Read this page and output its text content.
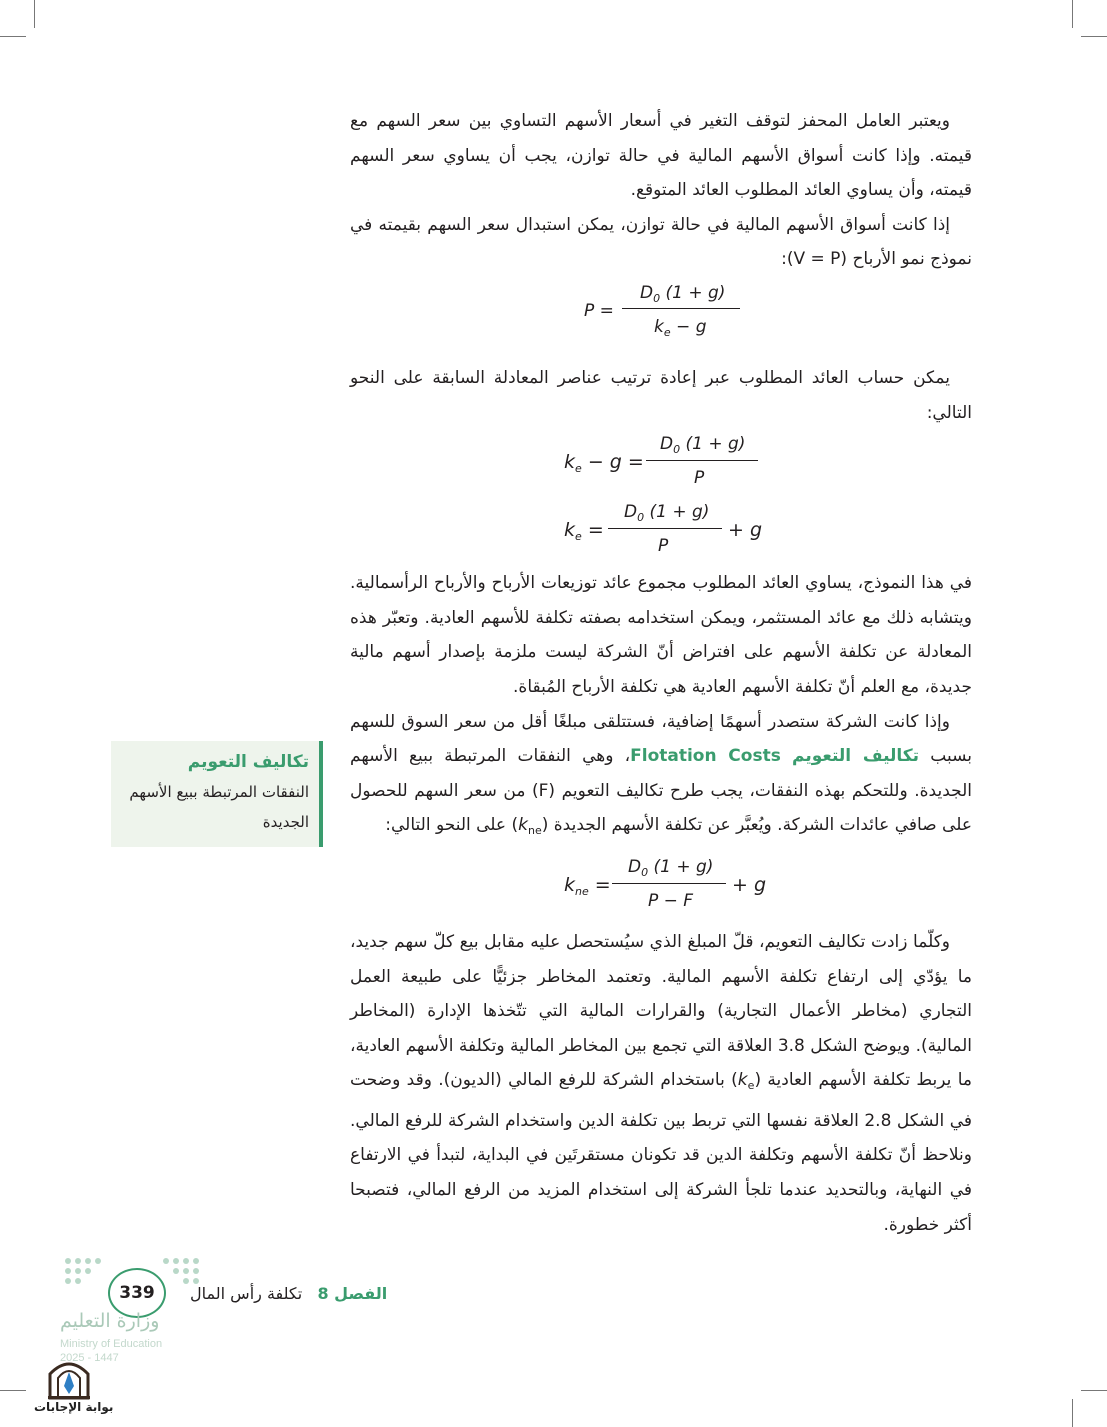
ويعتبر العامل المحفز لتوقف التغير في أسعار الأسهم التساوي بين سعر السهم مع قيمته. وإذا كانت أسواق الأسهم المالية في حالة توازن، يجب أن يساوي سعر السهم قيمته، وأن يساوي العائد المطلوب العائد المتوقع.

إذا كانت أسواق الأسهم المالية في حالة توازن، يمكن استبدال سعر السهم بقيمته في نموذج نمو الأرباح (V = P):

P =
$D_0$ (1 + g)
$k_e - g$

يمكن حساب العائد المطلوب عبر إعادة ترتيب عناصر المعادلة السابقة على النحو التالي:

$k_e - g$ =
$D_0$ (1 + g)
P
$k_e$ =
$D_0$ (1 + g)
P
+ g

في هذا النموذج، يساوي العائد المطلوب مجموع عائد توزيعات الأرباح والأرباح الرأسمالية. ويتشابه ذلك مع عائد المستثمر، ويمكن استخدامه بصفته تكلفة للأسهم العادية. وتعبّر هذه المعادلة عن تكلفة الأسهم على افتراض أنّ الشركة ليست ملزمة بإصدار أسهم مالية جديدة، مع العلم أنّ تكلفة الأسهم العادية هي تكلفة الأرباح المُبقاة.

وإذا كانت الشركة ستصدر أسهمًا إضافية، فستتلقى مبلغًا أقل من سعر السوق للسهم بسبب تكاليف التعويم Flotation Costs، وهي النفقات المرتبطة ببيع الأسهم الجديدة. وللتحكم بهذه النفقات، يجب طرح تكاليف التعويم (F) من سعر السهم للحصول على صافي عائدات الشركة. ويُعبَّر عن تكلفة الأسهم الجديدة $(k_{ne})$ على النحو التالي:

$k_{ne}$ =
$D_0$ (1 + g)
P − F
+ g

وكلّما زادت تكاليف التعويم، قلّ المبلغ الذي سيُستحصل عليه مقابل بيع كلّ سهم جديد، ما يؤدّي إلى ارتفاع تكلفة الأسهم المالية. وتعتمد المخاطر جزئيًّا على طبيعة العمل التجاري (مخاطر الأعمال التجارية) والقرارات المالية التي تتّخذها الإدارة (المخاطر المالية). ويوضح الشكل 3.8 العلاقة التي تجمع بين المخاطر المالية وتكلفة الأسهم العادية، ما يربط تكلفة الأسهم العادية $(k_e)$ باستخدام الشركة للرفع المالي (الديون). وقد وضحت في الشكل 2.8 العلاقة نفسها التي تربط بين تكلفة الدين واستخدام الشركة للرفع المالي. ونلاحظ أنّ تكلفة الأسهم وتكلفة الدين قد تكونان مستقرتَين في البداية، لتبدأ في الارتفاع في النهاية، وبالتحديد عندما تلجأ الشركة إلى استخدام المزيد من الرفع المالي، فتصبحا أكثر خطورة.

تكاليف التعويم

النفقات المرتبطة ببيع الأسهم الجديدة

الفصل 8   تكلفة رأس المال
339
وزارة التعليم
Ministry of Education
2025 - 1447
بوابة الإجابات
